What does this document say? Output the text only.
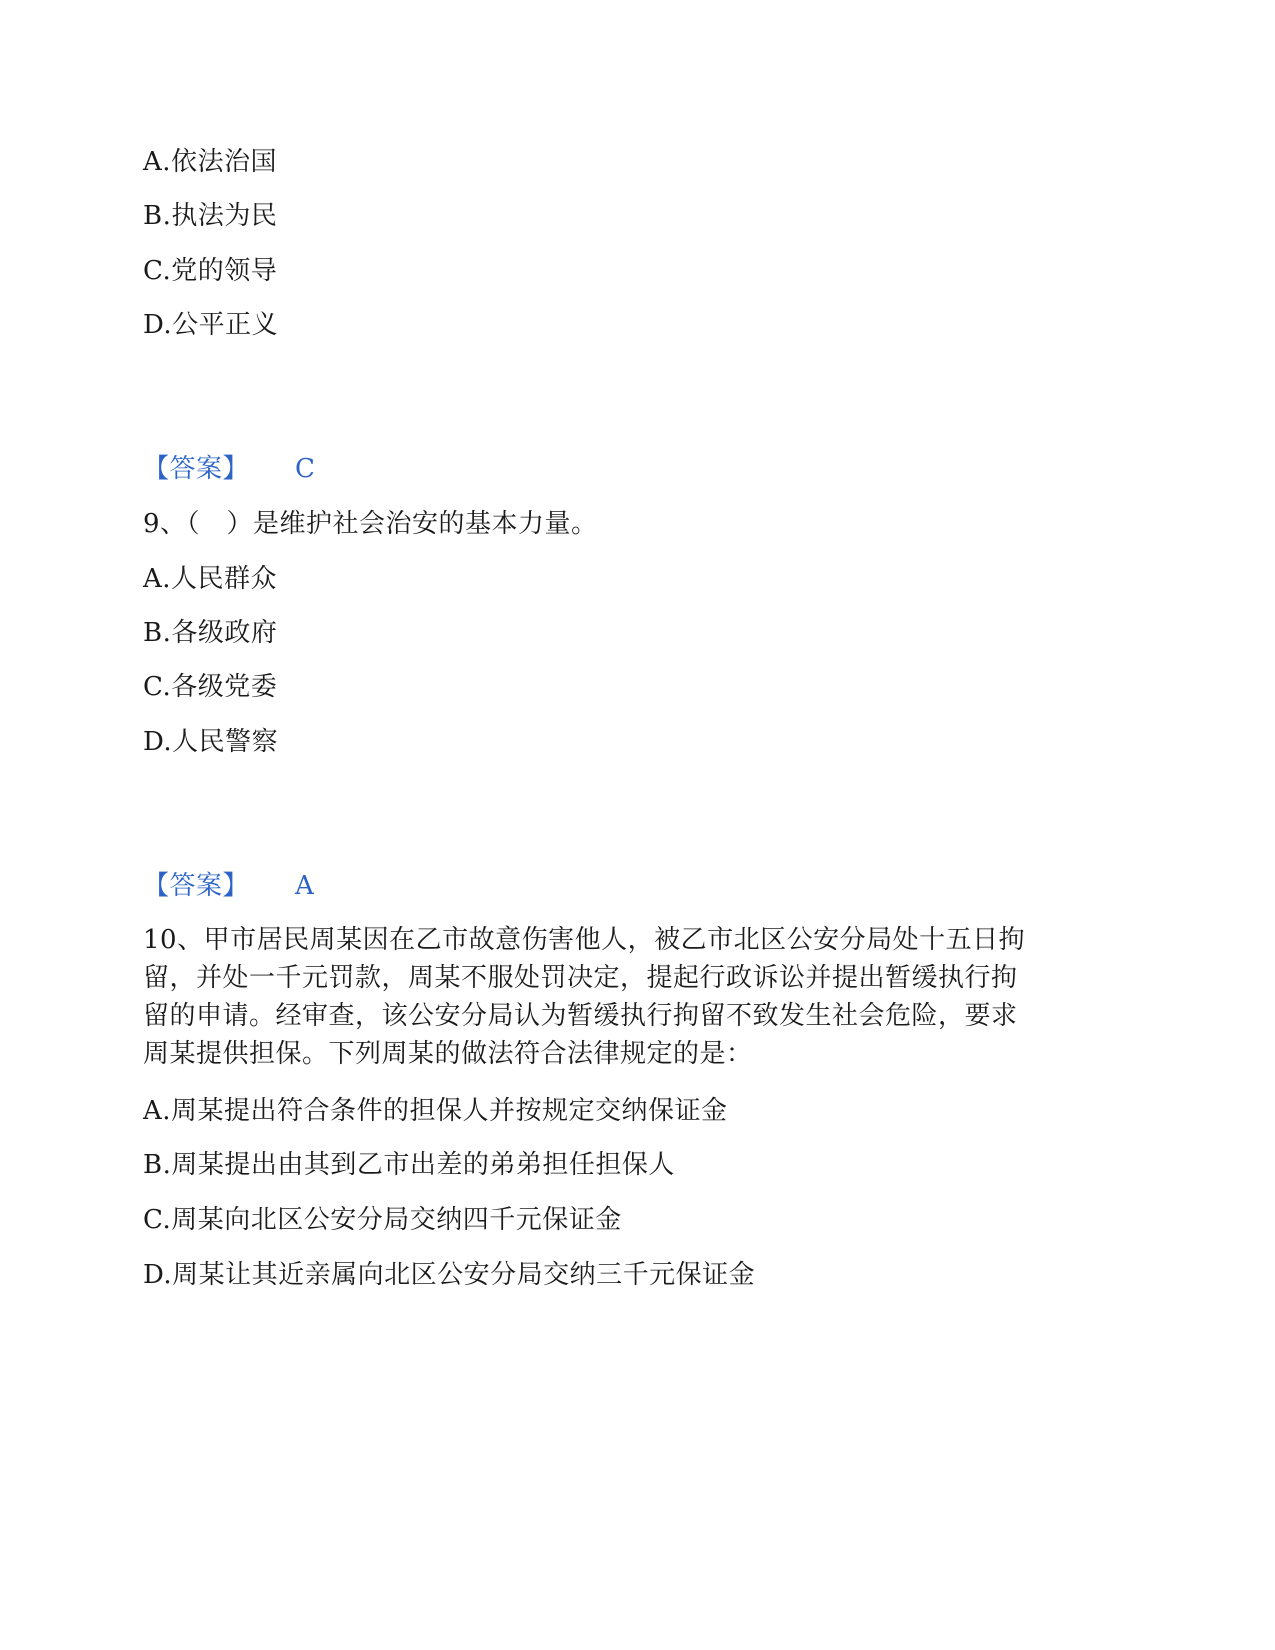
A.依法治国
B.执法为民
C.党的领导
D.公平正义
【答案】 C
9、（　）是维护社会治安的基本力量。
A.人民群众
B.各级政府
C.各级党委
D.人民警察
【答案】 A
10、甲市居民周某因在乙市故意伤害他人，被乙市北区公安分局处十五日拘
留，并处一千元罚款，周某不服处罚决定，提起行政诉讼并提出暂缓执行拘
留的申请。经审查，该公安分局认为暂缓执行拘留不致发生社会危险，要求
周某提供担保。下列周某的做法符合法律规定的是：
A.周某提出符合条件的担保人并按规定交纳保证金
B.周某提出由其到乙市出差的弟弟担任担保人
C.周某向北区公安分局交纳四千元保证金
D.周某让其近亲属向北区公安分局交纳三千元保证金
